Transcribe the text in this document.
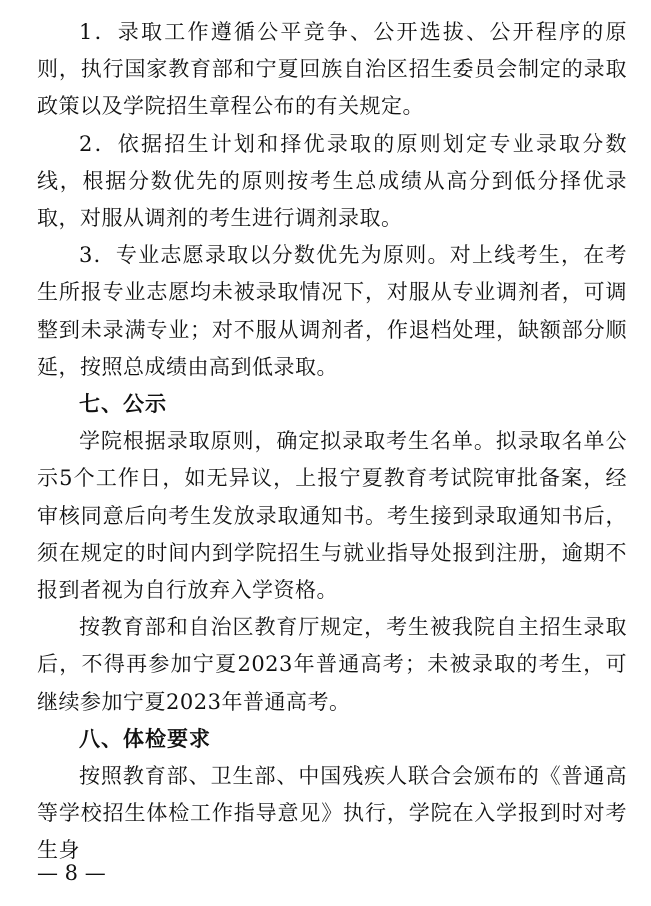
1．录取工作遵循公平竞争、公开选拔、公开程序的原则，执行国家教育部和宁夏回族自治区招生委员会制定的录取政策以及学院招生章程公布的有关规定。

2．依据招生计划和择优录取的原则划定专业录取分数线，根据分数优先的原则按考生总成绩从高分到低分择优录取，对服从调剂的考生进行调剂录取。

3．专业志愿录取以分数优先为原则。对上线考生，在考生所报专业志愿均未被录取情况下，对服从专业调剂者，可调整到未录满专业；对不服从调剂者，作退档处理，缺额部分顺延，按照总成绩由高到低录取。

七、公示

学院根据录取原则，确定拟录取考生名单。拟录取名单公示5个工作日，如无异议，上报宁夏教育考试院审批备案，经审核同意后向考生发放录取通知书。考生接到录取通知书后，须在规定的时间内到学院招生与就业指导处报到注册，逾期不报到者视为自行放弃入学资格。

按教育部和自治区教育厅规定，考生被我院自主招生录取后，不得再参加宁夏2023年普通高考；未被录取的考生，可继续参加宁夏2023年普通高考。

八、体检要求

按照教育部、卫生部、中国残疾人联合会颁布的《普通高等学校招生体检工作指导意见》执行，学院在入学报到时对考生身

— 8 —
